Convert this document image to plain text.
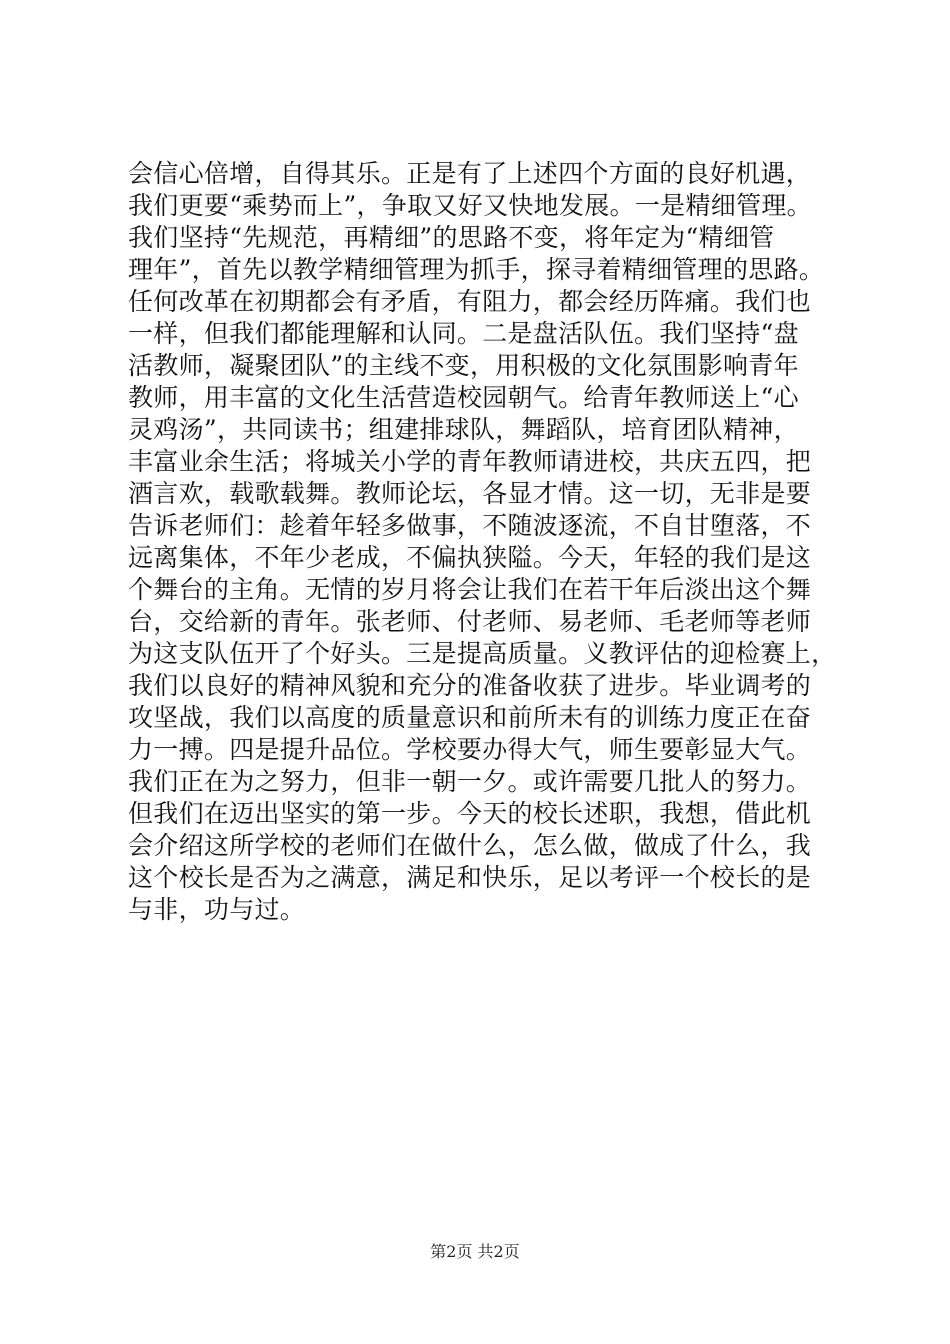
会信心倍增，自得其乐。正是有了上述四个方面的良好机遇，
我们更要“乘势而上”，争取又好又快地发展。一是精细管理。
我们坚持“先规范，再精细”的思路不变，将年定为“精细管
理年”，首先以教学精细管理为抓手，探寻着精细管理的思路。
任何改革在初期都会有矛盾，有阻力，都会经历阵痛。我们也
一样，但我们都能理解和认同。二是盘活队伍。我们坚持“盘
活教师，凝聚团队”的主线不变，用积极的文化氛围影响青年
教师，用丰富的文化生活营造校园朝气。给青年教师送上“心
灵鸡汤”，共同读书；组建排球队，舞蹈队，培育团队精神，
丰富业余生活；将城关小学的青年教师请进校，共庆五四，把
酒言欢，载歌载舞。教师论坛，各显才情。这一切，无非是要
告诉老师们：趁着年轻多做事，不随波逐流，不自甘堕落，不
远离集体，不年少老成，不偏执狭隘。今天，年轻的我们是这
个舞台的主角。无情的岁月将会让我们在若干年后淡出这个舞
台，交给新的青年。张老师、付老师、易老师、毛老师等老师
为这支队伍开了个好头。三是提高质量。义教评估的迎检赛上，
我们以良好的精神风貌和充分的准备收获了进步。毕业调考的
攻坚战，我们以高度的质量意识和前所未有的训练力度正在奋
力一搏。四是提升品位。学校要办得大气，师生要彰显大气。
我们正在为之努力，但非一朝一夕。或许需要几批人的努力。
但我们在迈出坚实的第一步。今天的校长述职，我想，借此机
会介绍这所学校的老师们在做什么，怎么做，做成了什么，我
这个校长是否为之满意，满足和快乐，足以考评一个校长的是
与非，功与过。
第2页 共2页
